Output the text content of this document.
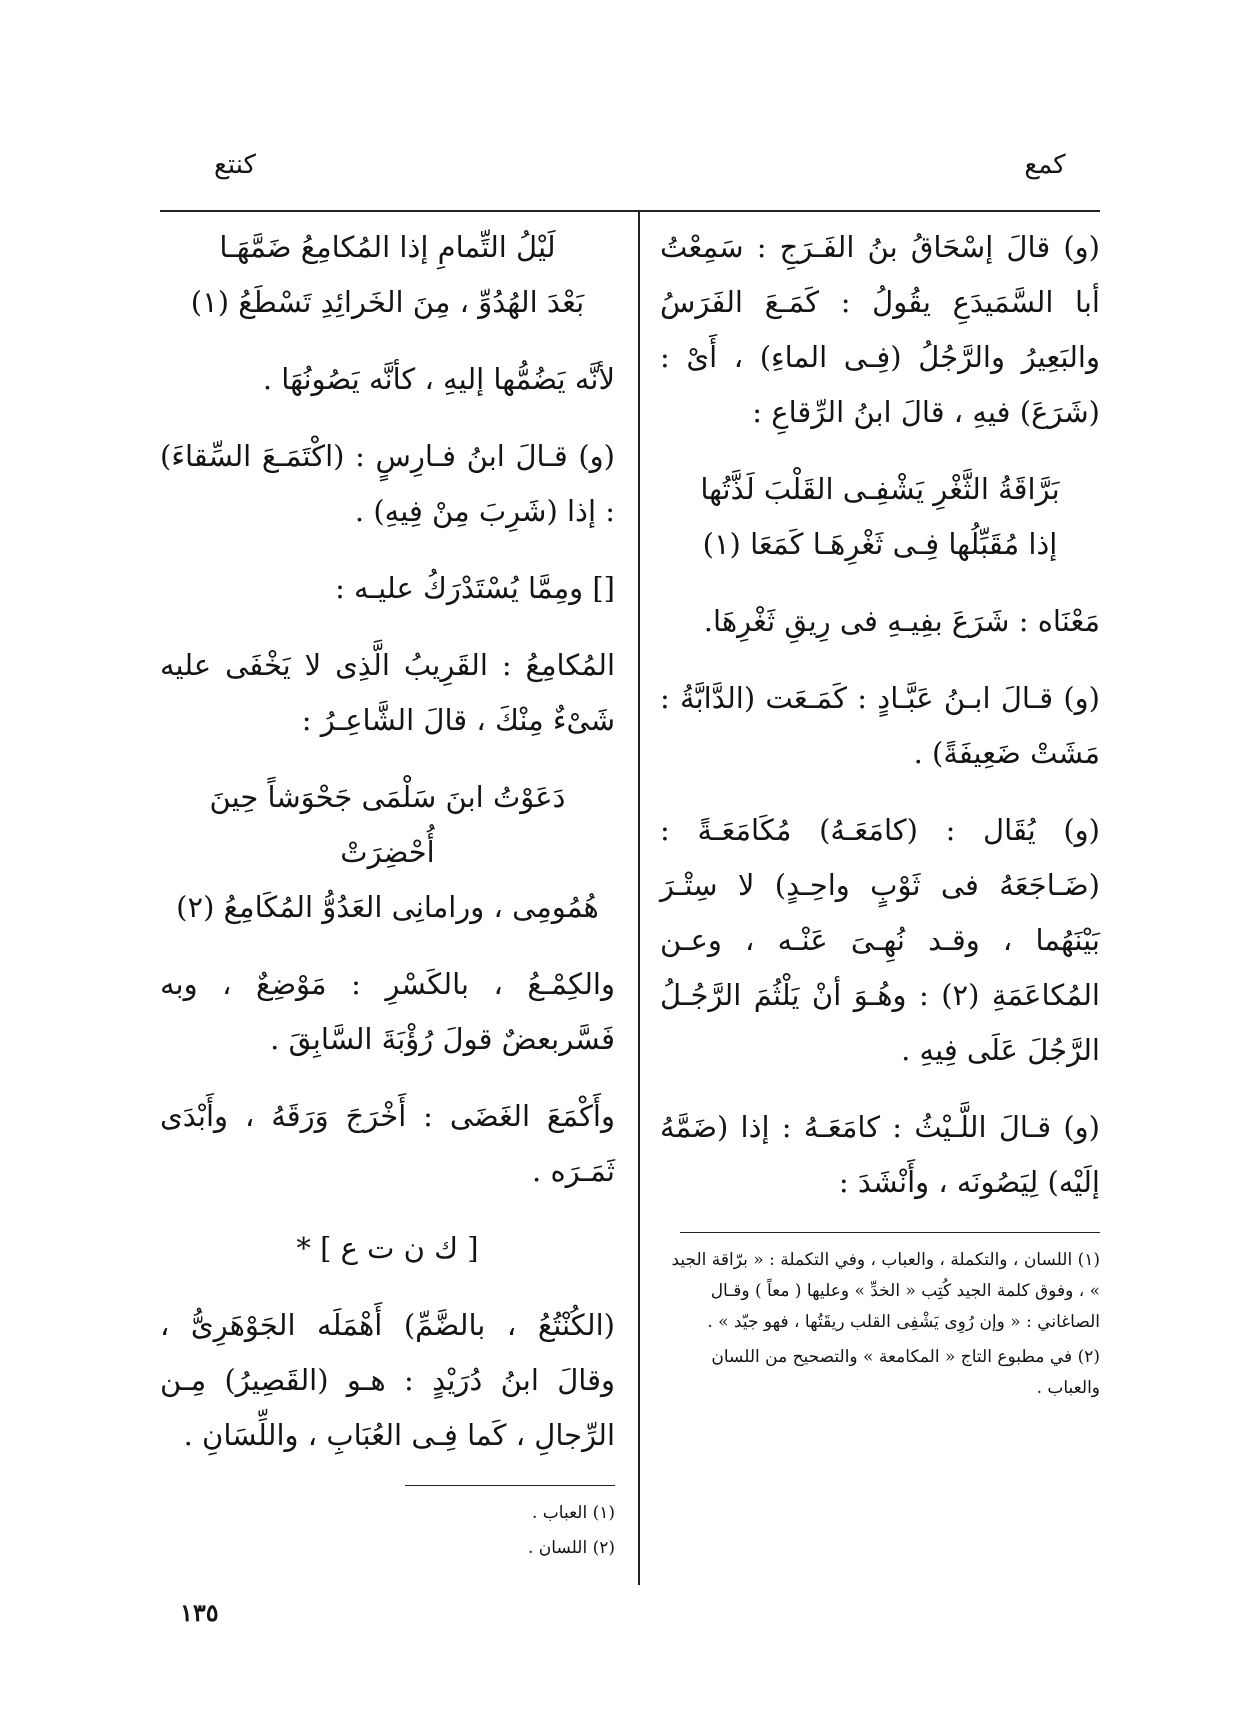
كمع
كنتع

(و) قالَ إسْحَاقُ بنُ الفَـرَجِ : سَمِعْتُ أبا السَّمَيدَعِ يقُولُ : كَمَـعَ الفَرَسُ والبَعِيرُ والرَّجُلُ (فِـى الماءِ) ، أَىْ : (شَرَعَ) فيهِ ، قالَ ابنُ الرِّقاعِ :

بَرَّاقَةُ الثَّغْرِ يَشْفِـى القَلْبَ لَذَّتُها
إذا مُقَبِّلُها فِـى ثَغْرِهَـا كَمَعَا (١)

مَعْنَاه : شَرَعَ بفِيـهِ فى رِيقِ ثَغْرِهَا.

(و) قـالَ ابـنُ عَبَّـادٍ : كَمَـعَت (الدَّابَّةُ : مَشَتْ ضَعِيفَةً) .

(و) يُقَال : (كامَعَـهُ) مُكَامَعَـةً : (ضَـاجَعَهُ فى ثَوْبٍ واحِـدٍ) لا سِتْـرَ بَيْنَهُما ، وقـد نُهِـىَ عَنْـه ، وعـن المُكاعَمَةِ (٢) : وهُـوَ أنْ يَلْثُمَ الرَّجُـلُ الرَّجُلَ عَلَى فِيهِ .

(و) قـالَ اللَّـيْثُ : كامَعَـهُ : إذا (ضَمَّهُ إلَيْه) لِيَصُونَه ، وأَنْشَدَ :

(١) اللسان ، والتكملة ، والعباب ، وفي التكملة : « برّاقة الجيد » ، وفوق كلمة الجيد كُتِب « الخدِّ » وعليها ( معاً ) وقـال الصاغاني : « وإن رُوِى يَشْفِى القلب ريقَتُها ، فهو جيّد » .

(٢) في مطبوع التاج « المكامعة » والتصحيح من اللسان والعباب .

لَيْلُ التِّمامِ إذا المُكامِعُ ضَمَّهَـا
بَعْدَ الهُدُوِّ ، مِنَ الخَرائِدِ تَسْطَعُ (١)

لأنَّه يَضُمُّها إليهِ ، كأنَّه يَصُونُهَا .

(و) قـالَ ابنُ فـارِسٍ : (اكْتَمَـعَ السِّقاءَ) : إذا (شَرِبَ مِنْ فِيهِ) .

[] ومِمَّا يُسْتَدْرَكُ عليـه :

المُكامِعُ : القَرِيبُ الَّذِى لا يَخْفَى عليه شَىْءٌ مِنْكَ ، قالَ الشَّاعِـرُ :

دَعَوْتُ ابنَ سَلْمَى جَحْوَشاً حِينَ أُحْضِرَتْ
هُمُومِى ، ورامانِى العَدُوُّ المُكَامِعُ (٢)

والكِمْـعُ ، بالكَسْرِ : مَوْضِعٌ ، وبه فَسَّربعضٌ قولَ رُؤْبَةَ السَّابِقَ .

وأَكْمَعَ الغَضَى : أَخْرَجَ وَرَقَهُ ، وأَبْدَى ثَمَـرَه .

[ ك ن ت ع ] *

(الكُنْتُعُ ، بالضَّمِّ) أَهْمَلَه الجَوْهَرِىُّ ، وقالَ ابنُ دُرَيْدٍ : هـو (القَصِيرُ) مِـن الرِّجالِ ، كَما فِـى العُبَابِ ، واللِّسَانِ .

(١) العباب .

(٢) اللسان .

١٣٥
